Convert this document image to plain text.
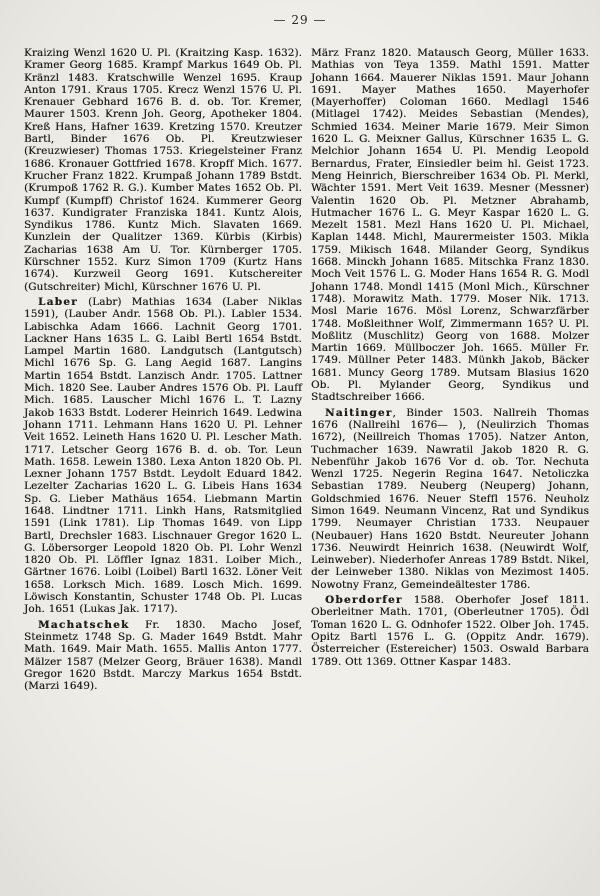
— 29 —

Kraizing Wenzl 1620 U. Pl. (Kraitzing Kasp. 1632). Kramer Georg 1685. Krampf Markus 1649 Ob. Pl. Kränzl 1483. Kratschwille Wenzel 1695. Kraup Anton 1791. Kraus 1705. Krecz Wenzl 1576 U. Pl. Krenauer Gebhard 1676 B. d. ob. Tor. Kremer, Maurer 1503. Krenn Joh. Georg, Apotheker 1804. Kreß Hans, Hafner 1639. Kretzing 1570. Kreutzer Bartl, Binder 1676 Ob. Pl. Kreutzwieser (Kreuzwieser) Thomas 1753. Kriegelsteiner Franz 1686. Kronauer Gottfried 1678. Kropff Mich. 1677. Krucher Franz 1822. Krumpaß Johann 1789 Bstdt. (Krumpoß 1762 R. G.). Kumber Mates 1652 Ob. Pl. Kumpf (Kumpff) Christof 1624. Kummerer Georg 1637. Kundigrater Franziska 1841. Kuntz Alois, Syndikus 1786. Kuntz Mich. Slavaten 1669. Kunzlein der Qualitzer 1369. Kürbis (Kirbis) Zacharias 1638 Am U. Tor. Kürnberger 1705. Kürschner 1552. Kurz Simon 1709 (Kurtz Hans 1674). Kurzweil Georg 1691. Kutschereiter (Gutschreiter) Michl, Kürschner 1676 U. Pl.

Laber (Labr) Mathias 1634 (Laber Niklas 1591), (Lauber Andr. 1568 Ob. Pl.). Labler 1534. Labischka Adam 1666. Lachnit Georg 1701. Lackner Hans 1635 L. G. Laibl Bertl 1654 Bstdt. Lampel Martin 1680. Landgutsch (Lantgutsch) Michl 1676 Sp. G. Lang Aegid 1687. Langins Martin 1654 Bstdt. Lanzisch Andr. 1705. Lattner Mich. 1820 See. Lauber Andres 1576 Ob. Pl. Lauff Mich. 1685. Lauscher Michl 1676 L. T. Lazny Jakob 1633 Bstdt. Loderer Heinrich 1649. Ledwina Johann 1711. Lehmann Hans 1620 U. Pl. Lehner Veit 1652. Leineth Hans 1620 U. Pl. Lescher Math. 1717. Letscher Georg 1676 B. d. ob. Tor. Leun Math. 1658. Lewein 1380. Lexa Anton 1820 Ob. Pl. Lexner Johann 1757 Bstdt. Leydolt Eduard 1842. Lezelter Zacharias 1620 L. G. Libeis Hans 1634 Sp. G. Lieber Mathäus 1654. Liebmann Martin 1648. Lindtner 1711. Linkh Hans, Ratsmitglied 1591 (Link 1781). Lip Thomas 1649. von Lipp Bartl, Drechsler 1683. Lischnauer Gregor 1620 L. G. Löbersorger Leopold 1820 Ob. Pl. Lohr Wenzl 1820 Ob. Pl. Löffler Ignaz 1831. Loiber Mich., Gärtner 1676. Loibl (Loibel) Bartl 1632. Löner Veit 1658. Lorksch Mich. 1689. Losch Mich. 1699. Löwisch Konstantin, Schuster 1748 Ob. Pl. Lucas Joh. 1651 (Lukas Jak. 1717).

Machatschek Fr. 1830. Macho Josef, Steinmetz 1748 Sp. G. Mader 1649 Bstdt. Mahr Math. 1649. Mair Math. 1655. Mallis Anton 1777. Mälzer 1587 (Melzer Georg, Bräuer 1638). Mandl Gregor 1620 Bstdt. Marczy Markus 1654 Bstdt. (Marzi 1649).

März Franz 1820. Matausch Georg, Müller 1633. Mathias von Teya 1359. Mathl 1591. Matter Johann 1664. Mauerer Niklas 1591. Maur Johann 1691. Mayer Mathes 1650. Mayerhofer (Mayerhoffer) Coloman 1660. Medlagl 1546 (Mitlagel 1742). Meides Sebastian (Mendes), Schmied 1634. Meiner Marie 1679. Meir Simon 1620 L. G. Meixner Gallus, Kürschner 1635 L. G. Melchior Johann 1654 U. Pl. Mendig Leopold Bernardus, Frater, Einsiedler beim hl. Geist 1723. Meng Heinrich, Bierschreiber 1634 Ob. Pl. Merkl, Wächter 1591. Mert Veit 1639. Mesner (Messner) Valentin 1620 Ob. Pl. Metzner Abrahamb, Hutmacher 1676 L. G. Meyr Kaspar 1620 L. G. Mezelt 1581. Mezl Hans 1620 U. Pl. Michael, Kaplan 1448. Michl, Maurermeister 1503. Mikla 1759. Mikisch 1648. Milander Georg, Syndikus 1668. Minckh Johann 1685. Mitschka Franz 1830. Moch Veit 1576 L. G. Moder Hans 1654 R. G. Modl Johann 1748. Mondl 1415 (Monl Mich., Kürschner 1748). Morawitz Math. 1779. Moser Nik. 1713. Mosl Marie 1676. Mösl Lorenz, Schwarzfärber 1748. Moßleithner Wolf, Zimmermann 165? U. Pl. Moßlitz (Muschlitz) Georg von 1688. Molzer Martin 1669. Müllboczer Joh. 1665. Müller Fr. 1749. Müllner Peter 1483. Münkh Jakob, Bäcker 1681. Muncy Georg 1789. Mutsam Blasius 1620 Ob. Pl. Mylander Georg, Syndikus und Stadtschreiber 1666.

Naitinger, Binder 1503. Nallreih Thomas 1676 (Nallreihl 1676— ), (Neulirzich Thomas 1672), (Neillreich Thomas 1705). Natzer Anton, Tuchmacher 1639. Nawratil Jakob 1820 R. G. Nebenführ Jakob 1676 Vor d. ob. Tor. Nechuta Wenzl 1725. Negerin Regina 1647. Netoliczka Sebastian 1789. Neuberg (Neuperg) Johann, Goldschmied 1676. Neuer Steffl 1576. Neuholz Simon 1649. Neumann Vincenz, Rat und Syndikus 1799. Neumayer Christian 1733. Neupauer (Neubauer) Hans 1620 Bstdt. Neureuter Johann 1736. Neuwirdt Heinrich 1638. (Neuwirdt Wolf, Leinweber). Niederhofer Anreas 1789 Bstdt. Nikel, der Leinweber 1380. Niklas von Mezimost 1405. Nowotny Franz, Gemeindeältester 1786.

Oberdorfer 1588. Oberhofer Josef 1811. Oberleitner Math. 1701, (Oberleutner 1705). Ödl Toman 1620 L. G. Odnhofer 1522. Olber Joh. 1745. Opitz Bartl 1576 L. G. (Oppitz Andr. 1679). Österreicher (Estereicher) 1503. Oswald Barbara 1789. Ott 1369. Ottner Kaspar 1483.
